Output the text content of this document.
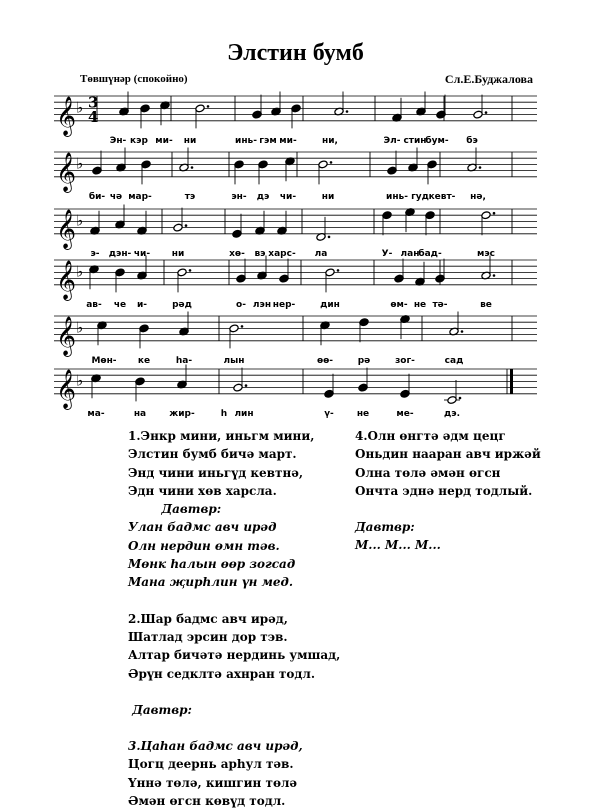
Элстин бумб
Төвшүнәр (спокойно)	Сл.Е.Буджалова
𝄞 ♭ 3
4
Эн- кэр ми- ни	инь- гэм ми-	ни,	Эл- стин
бум- бэ
𝄞 ♭
би- чә мар-	тэ	эн- дэ чи-	ни	инь- гуд кевт- нә,
𝄞 ♭
э- дэн- чи- ни	хө- вэ харс- ла	У- лан
бад-	мэс
𝄞 ♭
ав- че и-	рәд	о- лэн нер-	дин	өм- не тә-	ве
𝄞 ♭
Мөн- ке	һа-	лын	өө-	рә	зог-	сад
𝄞 ♭
ма-	на	жир-	һ лин	ү-	не	ме-	дэ.
1.Энкр мини, иньгм мини,
Элстин бумб бичә март.
Энд чини иньгүд кевтнә,
Эдн чини хөв харсла.
Давтвр:
Улан бадмс авч ирәд
Олн нердин өмн тәв.
Мөнк һалын өөр зогсад
Мана җирһлин үн мед.

2.Шар бадмс авч ирәд,
Шатлад эрсин дор тэв.
Алтар бичәтә нердинь умшад,
Әрүн седклтә ахнран тодл.

Давтвр:

3.Цаһан бадмс авч ирәд,
Цогц деернь арһул тәв.
Үннә төлә, кишгин төлә
Әмән өгсн көвүд тодл.
4.Олн өнгтә әдм цецг
Оньдин нааран авч иржәй
Олна төлә әмән өгсн
Ончта эднә нерд тодлый.

Давтвр:
М... М... М...
